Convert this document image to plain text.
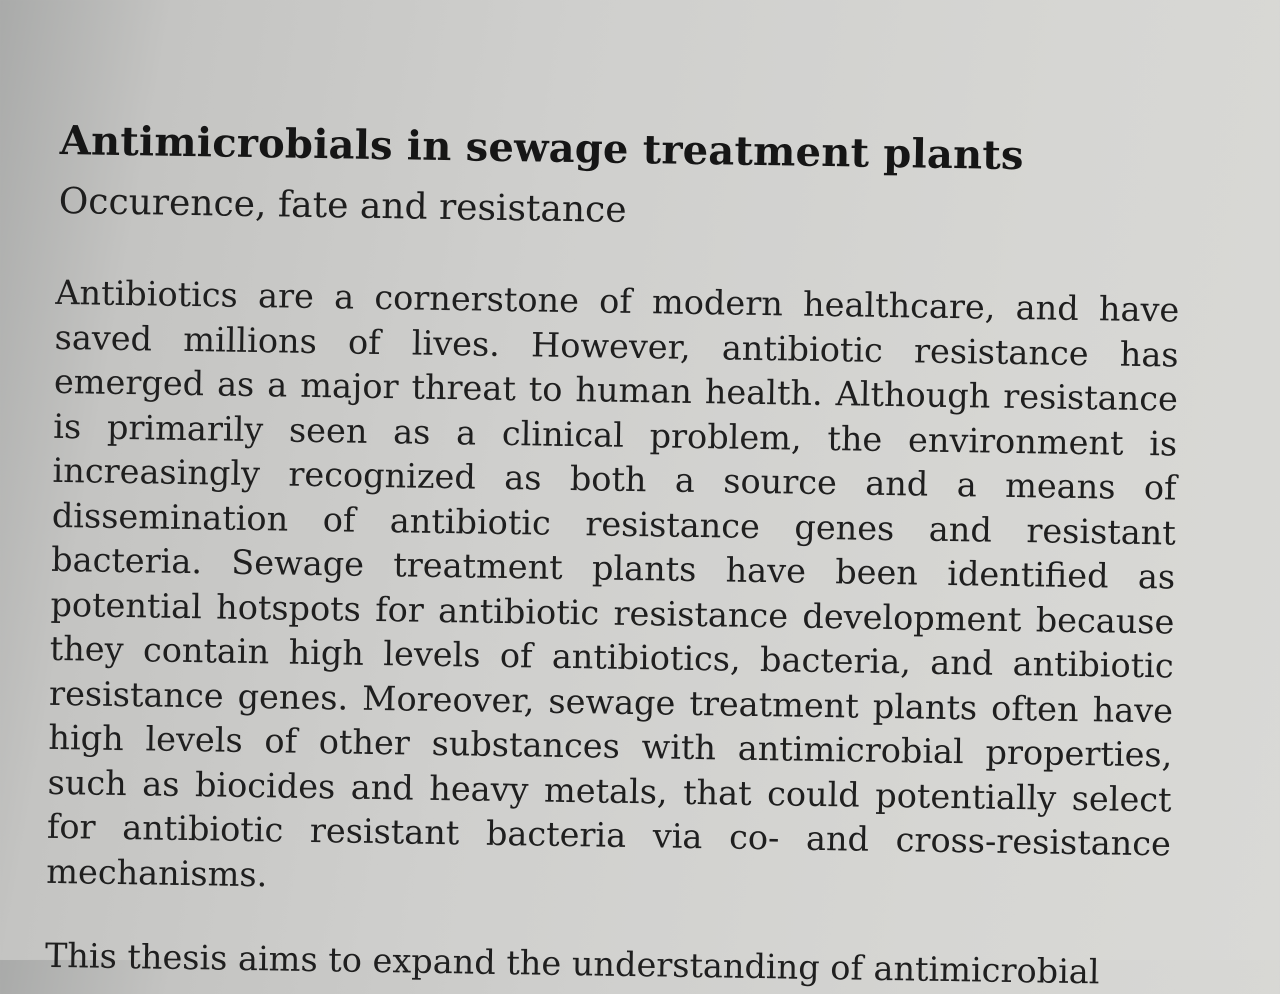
Antimicrobials in sewage treatment plants
Occurence, fate and resistance

Antibiotics are a cornerstone of modern healthcare, and have
saved millions of lives. However, antibiotic resistance has
emerged as a major threat to human health. Although resistance
is primarily seen as a clinical problem, the environment is
increasingly recognized as both a source and a means of
dissemination of antibiotic resistance genes and resistant
bacteria. Sewage treatment plants have been identified as
potential hotspots for antibiotic resistance development because
they contain high levels of antibiotics, bacteria, and antibiotic
resistance genes. Moreover, sewage treatment plants often have
high levels of other substances with antimicrobial properties,
such as biocides and heavy metals, that could potentially select
for antibiotic resistant bacteria via co- and cross-resistance
mechanisms.

This thesis aims to expand the understanding of antimicrobial
